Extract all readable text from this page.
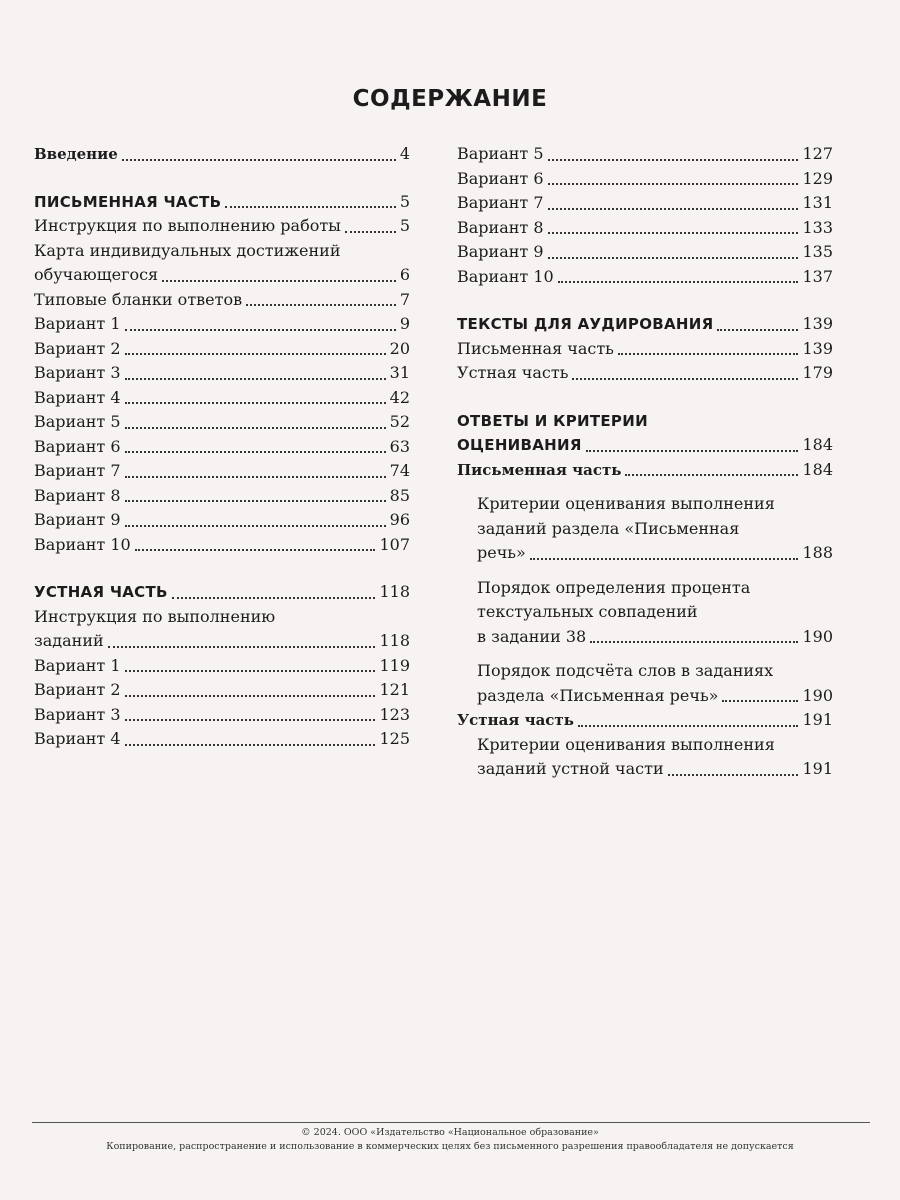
СОДЕРЖАНИЕ
Введение	4
ПИСЬМЕННАЯ ЧАСТЬ	5
Инструкция по выполнению работы	5
Карта индивидуальных достижений
обучающегося	6
Типовые бланки ответов	7
Вариант 1	9
Вариант 2	20
Вариант 3	31
Вариант 4	42
Вариант 5	52
Вариант 6	63
Вариант 7	74
Вариант 8	85
Вариант 9	96
Вариант 10	107
УСТНАЯ ЧАСТЬ	118
Инструкция по выполнению
заданий	118
Вариант 1	119
Вариант 2	121
Вариант 3	123
Вариант 4	125
Вариант 5	127
Вариант 6	129
Вариант 7	131
Вариант 8	133
Вариант 9	135
Вариант 10	137
ТЕКСТЫ ДЛЯ АУДИРОВАНИЯ	139
Письменная часть	139
Устная часть	179
ОТВЕТЫ И КРИТЕРИИ
ОЦЕНИВАНИЯ	184
Письменная часть	184
Критерии оценивания выполнения
заданий раздела «Письменная
речь»	188
Порядок определения процента
текстуальных совпадений
в задании 38	190
Порядок подсчёта слов в заданиях
раздела «Письменная речь»	190
Устная часть	191
Критерии оценивания выполнения
заданий устной части	191
© 2024. ООО «Издательство «Национальное образование»
Копирование, распространение и использование в коммерческих целях без письменного разрешения правообладателя не допускается
